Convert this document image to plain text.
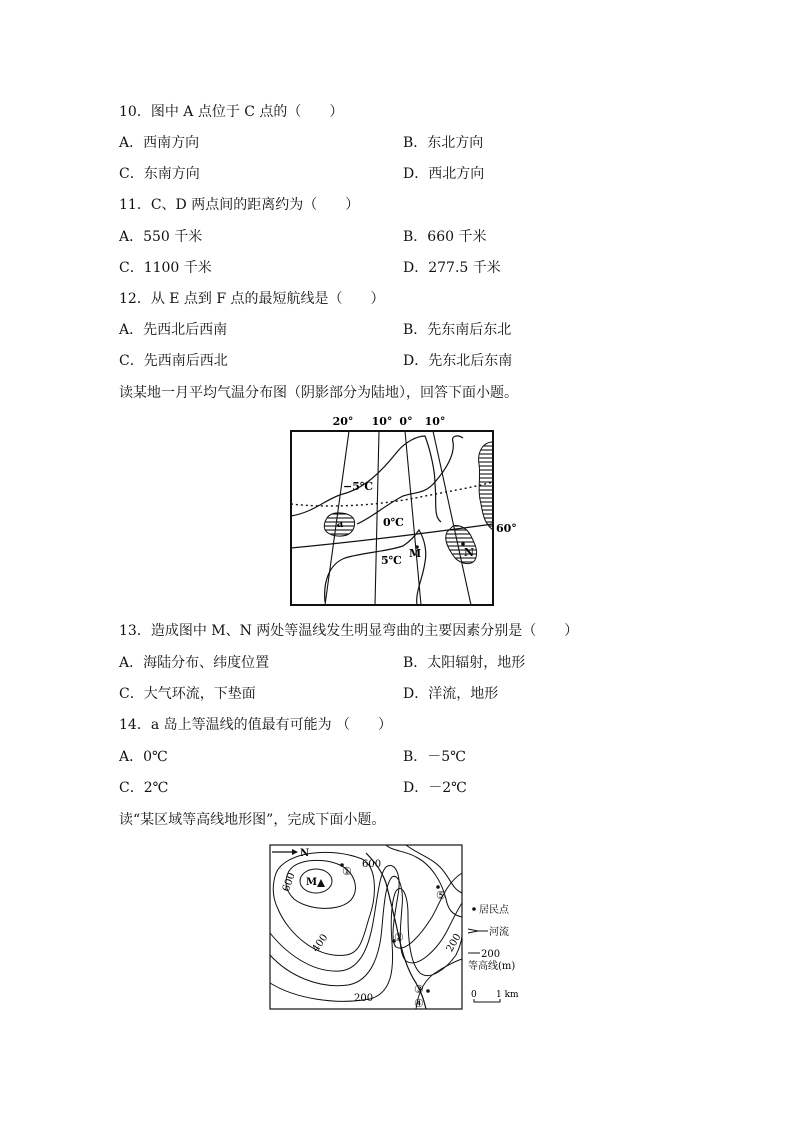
10．图中 A 点位于 C 点的（　　）
A．西南方向	B．东北方向
C．东南方向	D．西北方向
11．C、D 两点间的距离约为（　　）
A．550 千米	B．660 千米
C．1100 千米	D．277.5 千米
12．从 E 点到 F 点的最短航线是（　　）
A．先西北后西南	B．先东南后东北
C．先西南后西北	D．先东北后东南
读某地一月平均气温分布图（阴影部分为陆地），回答下面小题。
20° 10° 0° 10°
60°
−5℃
0℃
5℃
a
M	N
13．造成图中 M、N 两处等温线发生明显弯曲的主要因素分别是（　　）
A．海陆分布、纬度位置	B．太阳辐射，地形
C．大气环流，下垫面	D．洋流，地形
14．a 岛上等温线的值最有可能为 （　　）
A．0℃	B．－5℃
C．2℃	D．－2℃
读“某区域等高线地形图”，完成下面小题。
N
M
600
600
400
200
200
①
②
③
④
⑤
居民点
河流
200
等高线(m)
0 1 km
